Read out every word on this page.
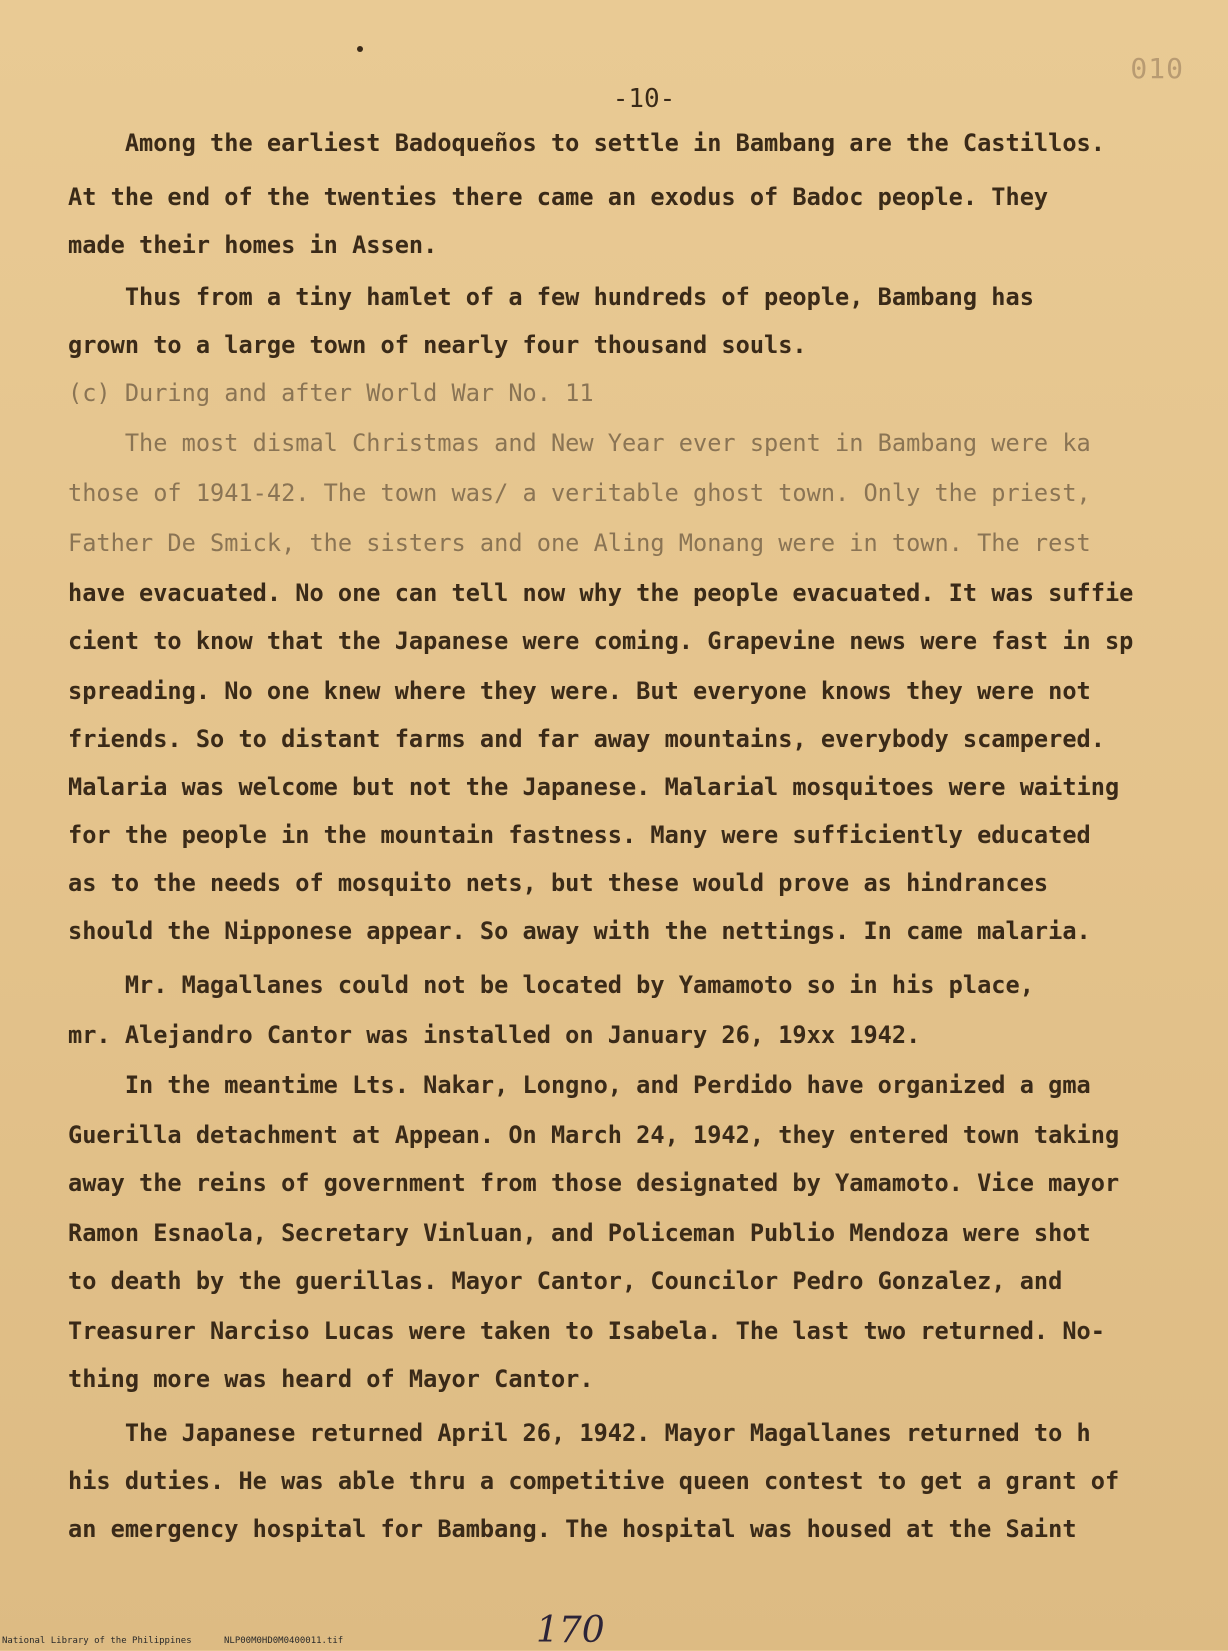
010
-10-
Among the earliest Badoqueños to settle in Bambang are the Castillos.
At the end of the twenties there came an exodus of Badoc people. They
made their homes in Assen.
Thus from a tiny hamlet of a few hundreds of people, Bambang has
grown to a large town of nearly four thousand souls.
(c) During and after World War No. 11
The most dismal Christmas and New Year ever spent in Bambang were ka
those of 1941-42. The town was/ a veritable ghost town. Only the priest,
Father De Smick, the sisters and one Aling Monang were in town. The rest
have evacuated. No one can tell now why the people evacuated. It was suffie
cient to know that the Japanese were coming. Grapevine news were fast in sp
spreading. No one knew where they were. But everyone knows they were not
friends. So to distant farms and far away mountains, everybody scampered.
Malaria was welcome but not the Japanese. Malarial mosquitoes were waiting
for the people in the mountain fastness. Many were sufficiently educated
as to the needs of mosquito nets, but these would prove as hindrances
should the Nipponese appear. So away with the nettings. In came malaria.
Mr. Magallanes could not be located by Yamamoto so in his place,
mr. Alejandro Cantor was installed on January 26, 19xx 1942.
In the meantime Lts. Nakar, Longno, and Perdido have organized a gma
Guerilla detachment at Appean. On March 24, 1942, they entered town taking
away the reins of government from those designated by Yamamoto. Vice mayor
Ramon Esnaola, Secretary Vinluan, and Policeman Publio Mendoza were shot
to death by the guerillas. Mayor Cantor, Councilor Pedro Gonzalez, and
Treasurer Narciso Lucas were taken to Isabela. The last two returned. No-
thing more was heard of Mayor Cantor.
The Japanese returned April 26, 1942. Mayor Magallanes returned to h
his duties. He was able thru a competitive queen contest to get a grant of
an emergency hospital for Bambang. The hospital was housed at the Saint
170
National Library of the Philippines	NLP00M0HD0M0400011.tif
